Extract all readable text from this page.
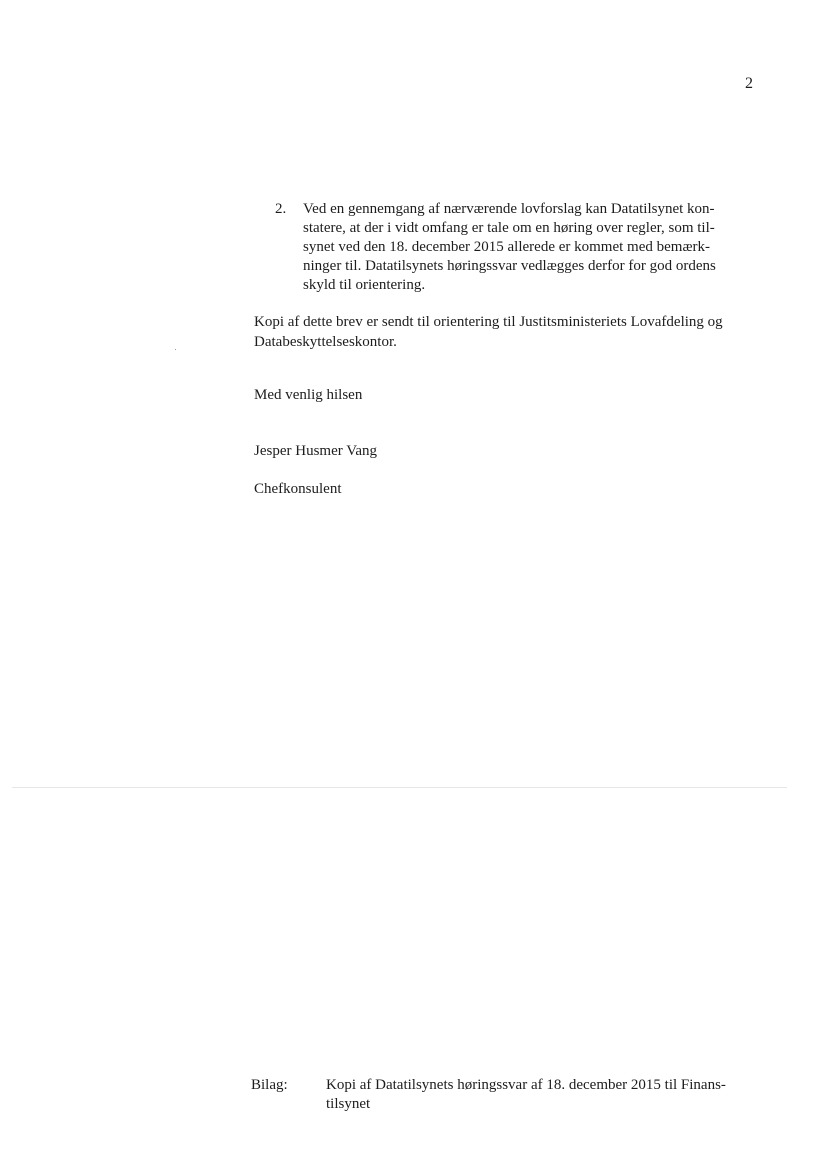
2
2. Ved en gennemgang af nærværende lovforslag kan Datatilsynet kon-
statere, at der i vidt omfang er tale om en høring over regler, som til-
synet ved den 18. december 2015 allerede er kommet med bemærk-
ninger til. Datatilsynets høringssvar vedlægges derfor for god ordens
skyld til orientering.
Kopi af dette brev er sendt til orientering til Justitsministeriets Lovafdeling og
Databeskyttelseskontor.
Med venlig hilsen
Jesper Husmer Vang
Chefkonsulent
Bilag:	Kopi af Datatilsynets høringssvar af 18. december 2015 til Finans-
tilsynet
